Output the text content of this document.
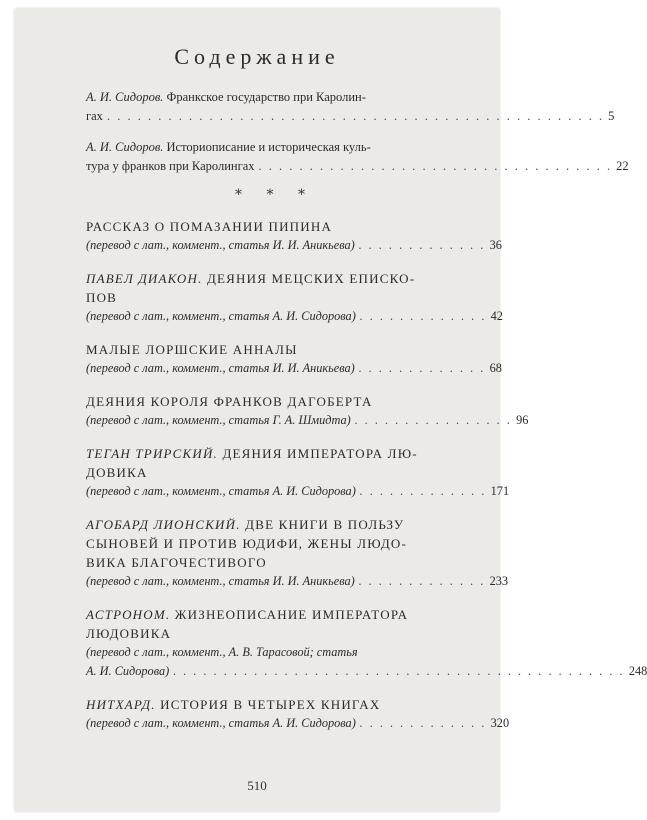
Содержание
А. И. Сидоров. Франкское государство при Каролин-
гах . . . . . . . . . . . . . . . . . . . . . . . . . . . . . . . . . . . . . . . . . . . . . . . . . 5
А. И. Сидоров. Историописание и историческая куль-
тура у франков при Каролингах . . . . . . . . . . . . . . . . . . . . . . . . . . . . . . . . . . . 22
* * *
РАССКАЗ О ПОМАЗАНИИ ПИПИНА
(перевод с лат., коммент., статья И. И. Аникьева) . . . . . . . . . . . . . 36
ПАВЕЛ ДИАКОН. ДЕЯНИЯ МЕЦСКИХ ЕПИСКО-
ПОВ
(перевод с лат., коммент., статья А. И. Сидорова) . . . . . . . . . . . . . 42
МАЛЫЕ ЛОРШСКИЕ АННАЛЫ
(перевод с лат., коммент., статья И. И. Аникьева) . . . . . . . . . . . . . 68
ДЕЯНИЯ КОРОЛЯ ФРАНКОВ ДАГОБЕРТА
(перевод с лат., коммент., статья Г. А. Шмидта) . . . . . . . . . . . . . . . . 96
ТЕГАН ТРИРСКИЙ. ДЕЯНИЯ ИМПЕРАТОРА ЛЮ-
ДОВИКА
(перевод с лат., коммент., статья А. И. Сидорова) . . . . . . . . . . . . . 171
АГОБАРД ЛИОНСКИЙ. ДВЕ КНИГИ В ПОЛЬЗУ
СЫНОВЕЙ И ПРОТИВ ЮДИФИ, ЖЕНЫ ЛЮДО-
ВИКА БЛАГОЧЕСТИВОГО
(перевод с лат., коммент., статья И. И. Аникьева) . . . . . . . . . . . . . 233
АСТРОНОМ. ЖИЗНЕОПИСАНИЕ ИМПЕРАТОРА
ЛЮДОВИКА
(перевод с лат., коммент., А. В. Тарасовой; статья
А. И. Сидорова) . . . . . . . . . . . . . . . . . . . . . . . . . . . . . . . . . . . . . . . . . . . . . 248
НИТХАРД. ИСТОРИЯ В ЧЕТЫРЕХ КНИГАХ
(перевод с лат., коммент., статья А. И. Сидорова) . . . . . . . . . . . . . 320
510
